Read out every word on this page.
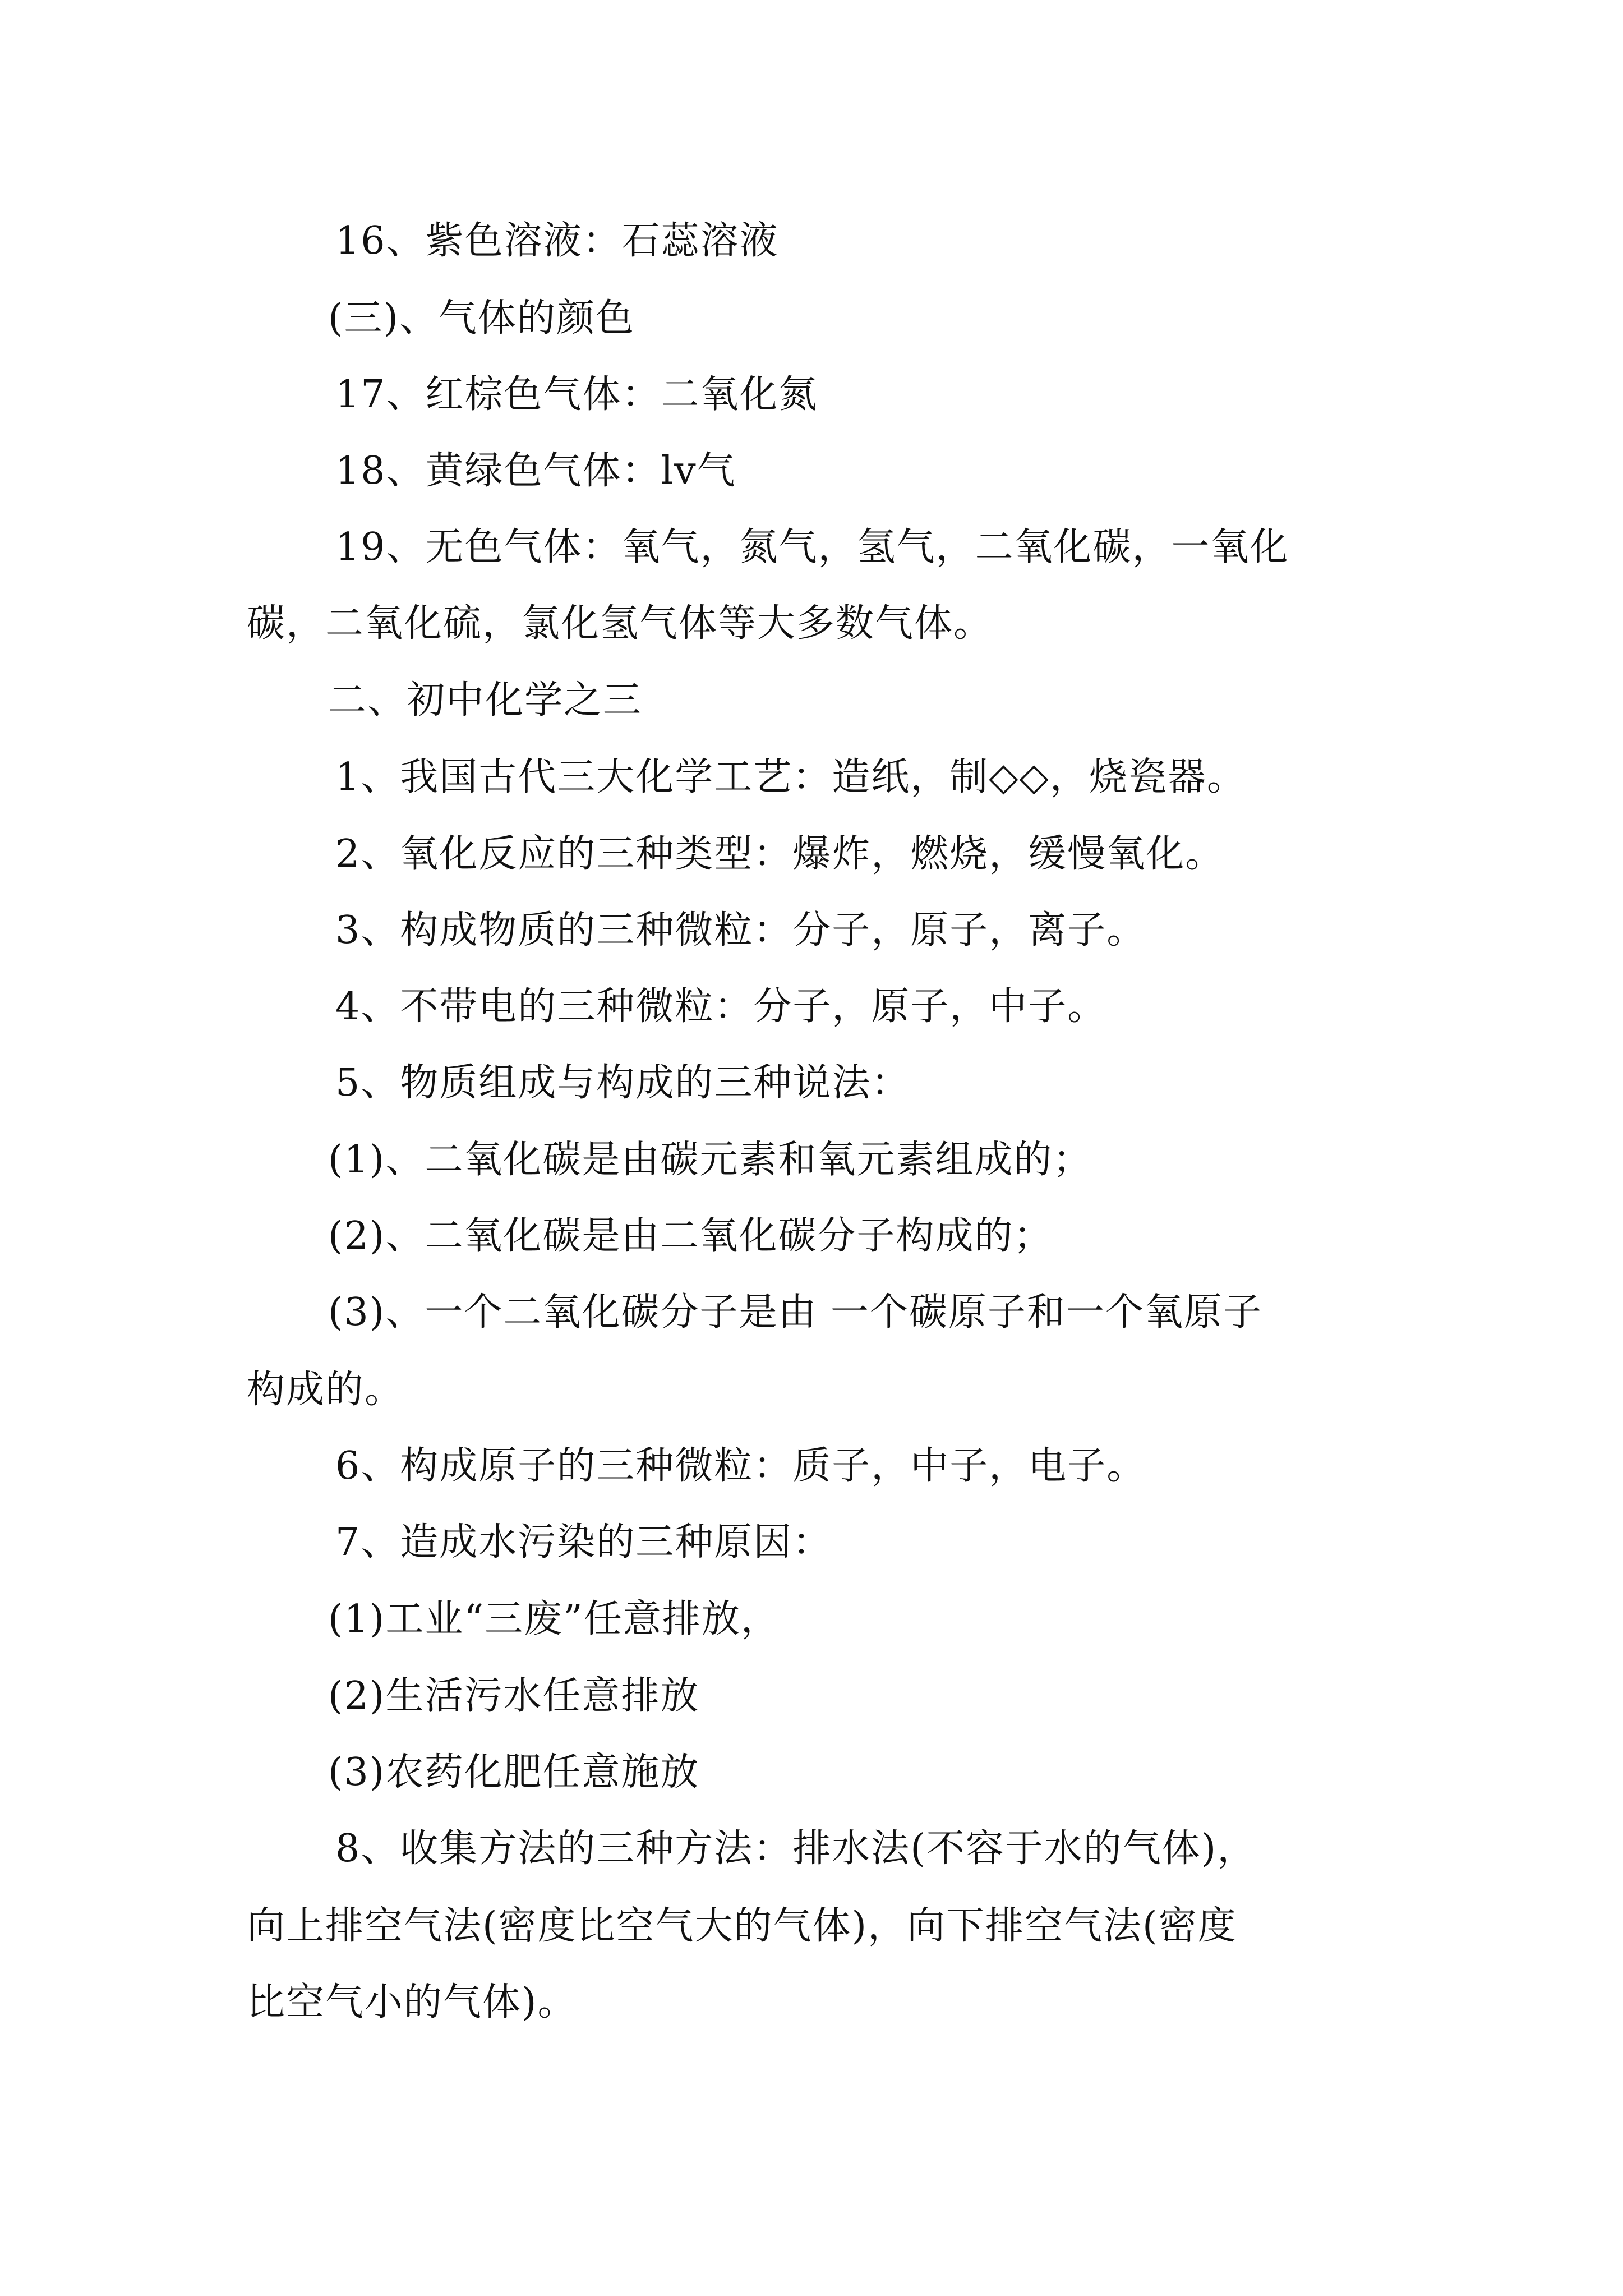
16、紫色溶液：石蕊溶液
(三)、气体的颜色
17、红棕色气体：二氧化氮
18、黄绿色气体：lv气
19、无色气体：氧气，氮气，氢气，二氧化碳，一氧化
碳，二氧化硫，氯化氢气体等大多数气体。
二、初中化学之三
1、我国古代三大化学工艺：造纸，制◇◇，烧瓷器。
2、氧化反应的三种类型：爆炸，燃烧，缓慢氧化。
3、构成物质的三种微粒：分子，原子，离子。
4、不带电的三种微粒：分子，原子，中子。
5、物质组成与构成的三种说法：
(1)、二氧化碳是由碳元素和氧元素组成的；
(2)、二氧化碳是由二氧化碳分子构成的；
(3)、一个二氧化碳分子是由 一个碳原子和一个氧原子
构成的。
6、构成原子的三种微粒：质子，中子，电子。
7、造成水污染的三种原因：
(1)工业“三废”任意排放，
(2)生活污水任意排放
(3)农药化肥任意施放
8、收集方法的三种方法：排水法(不容于水的气体)，
向上排空气法(密度比空气大的气体)，向下排空气法(密度
比空气小的气体)。
